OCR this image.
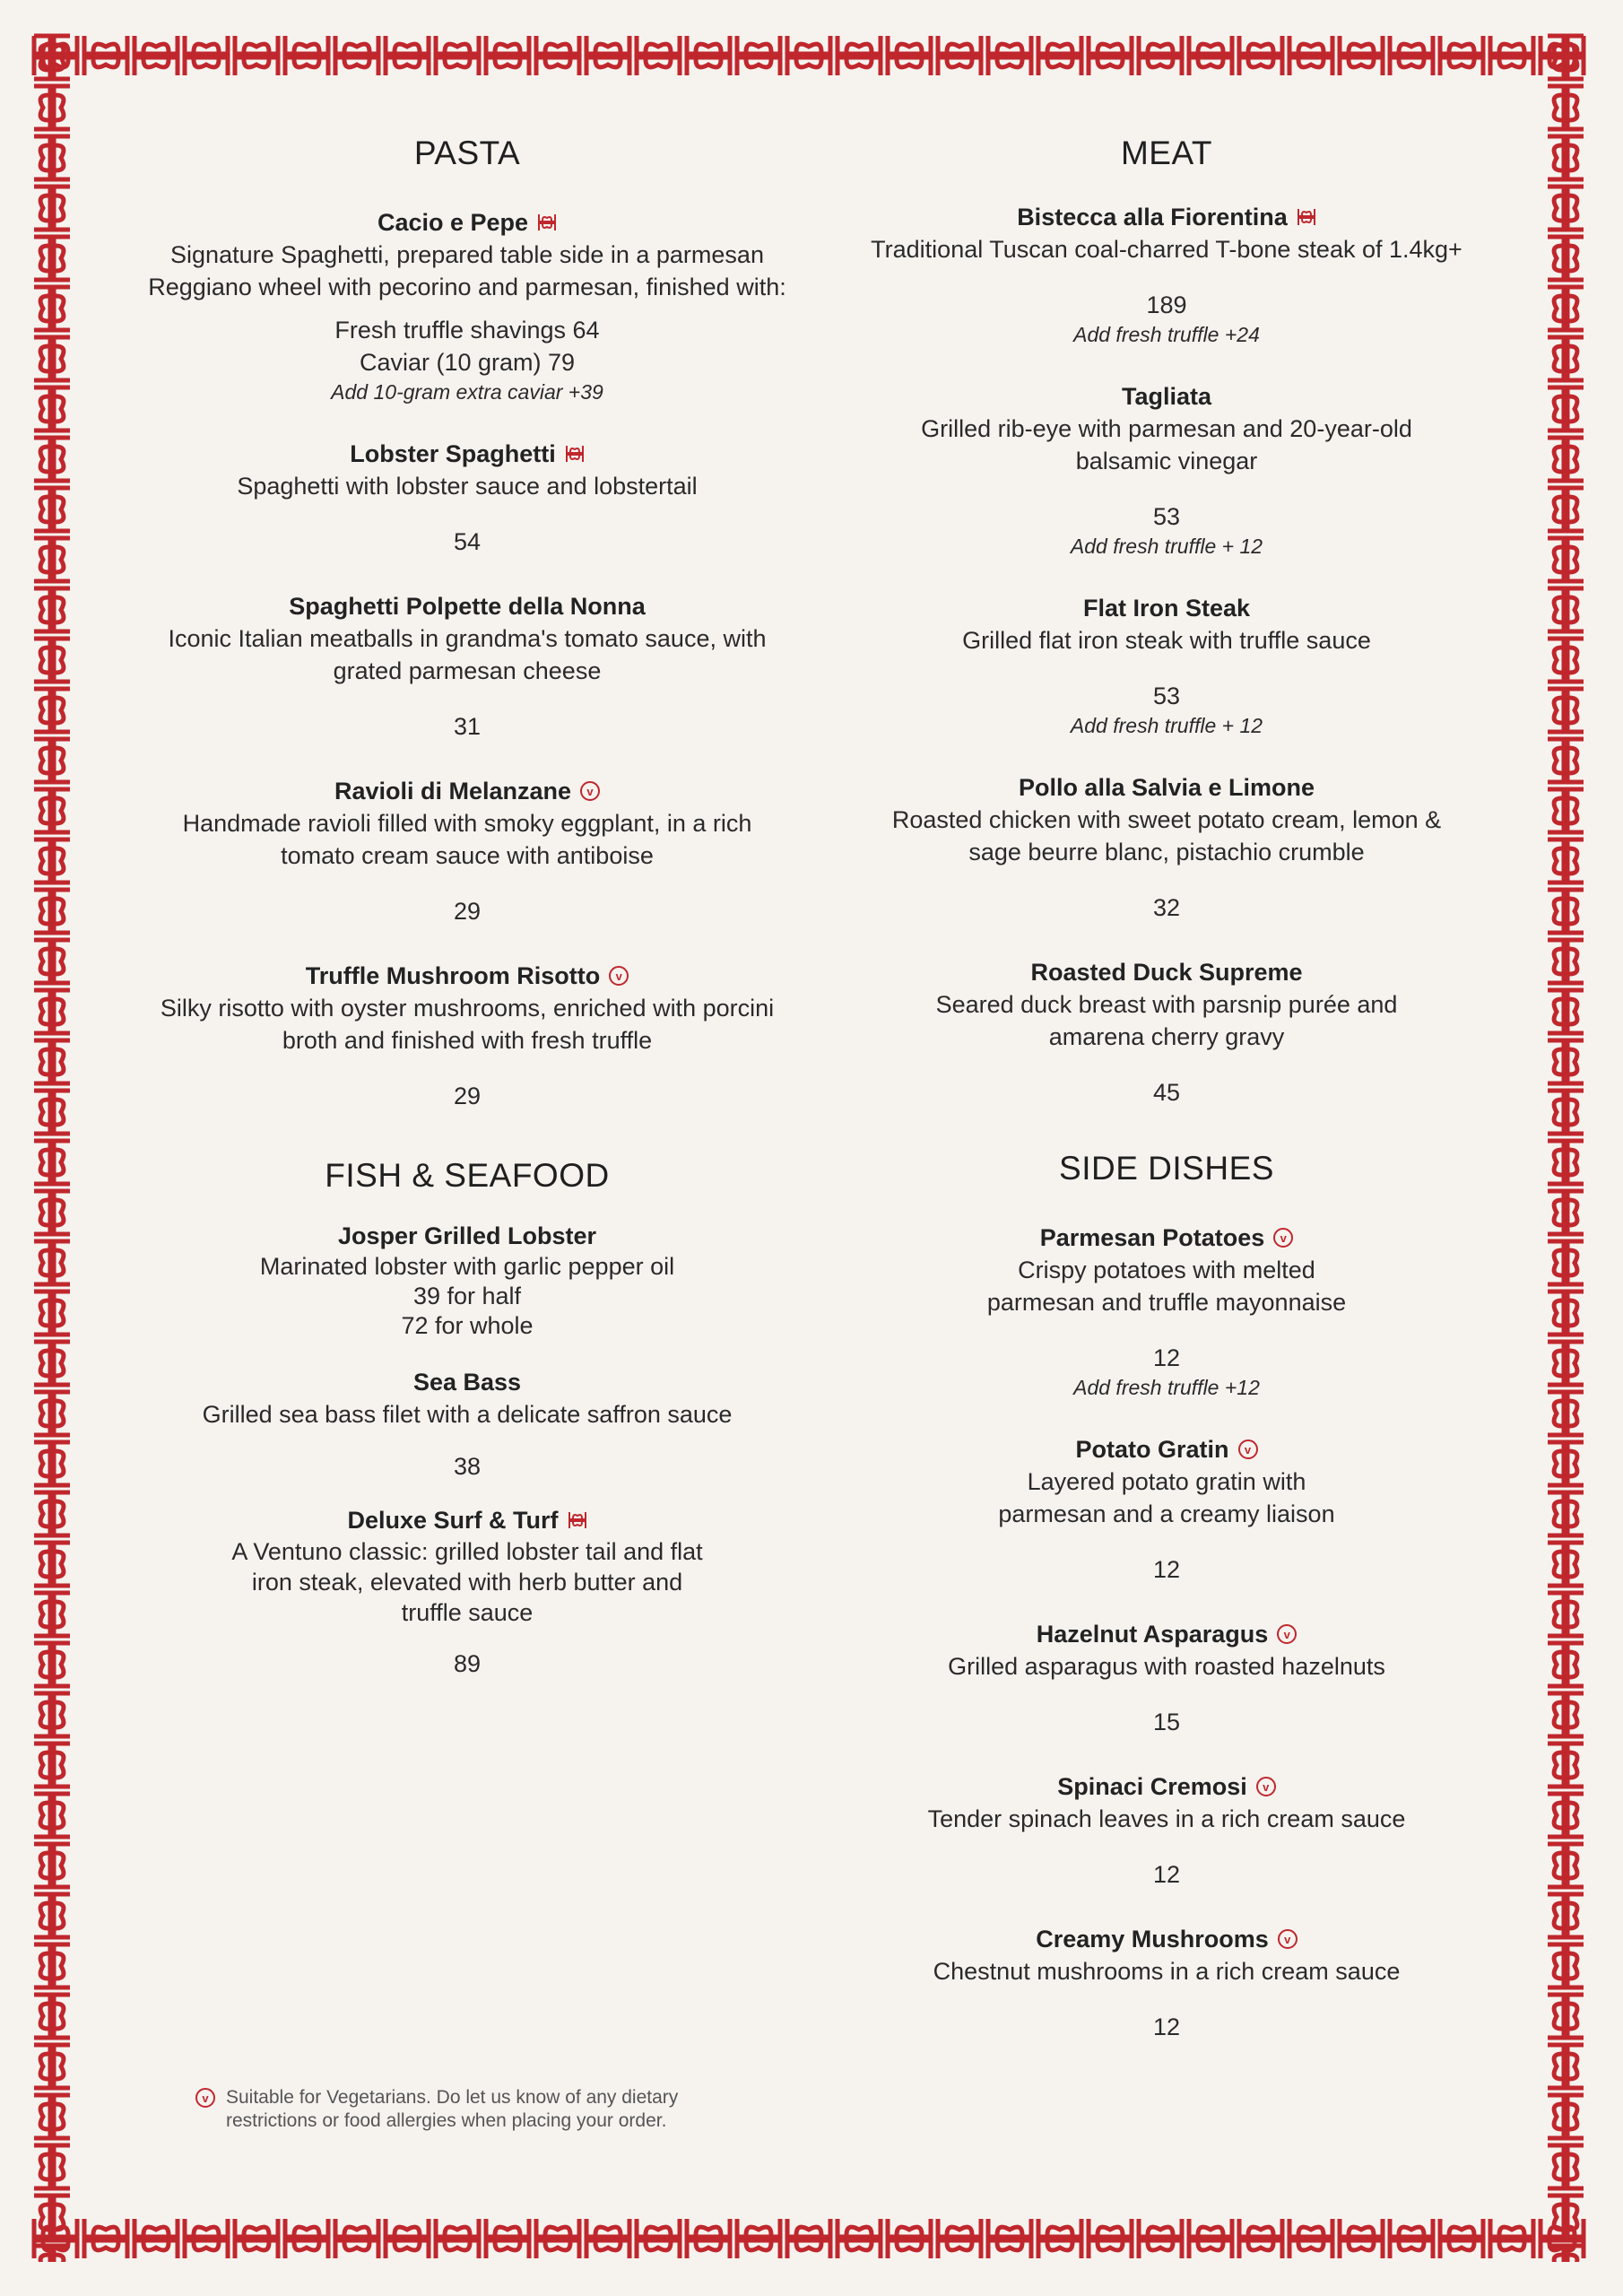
PASTA
Cacio e Pepe
Signature Spaghetti, prepared table side in a parmesan Reggiano wheel with pecorino and parmesan, finished with:
Fresh truffle shavings 64
Caviar (10 gram) 79
Add 10-gram extra caviar +39
Lobster Spaghetti
Spaghetti with lobster sauce and lobstertail
54
Spaghetti Polpette della Nonna
Iconic Italian meatballs in grandma's tomato sauce, with grated parmesan cheese
31
Ravioli di Melanzane	v
Handmade ravioli filled with smoky eggplant, in a rich tomato cream sauce with antiboise
29
Truffle Mushroom Risotto	v
Silky risotto with oyster mushrooms, enriched with porcini broth and finished with fresh truffle
29
FISH & SEAFOOD
Josper Grilled Lobster
Marinated lobster with garlic pepper oil
39 for half
72 for whole
Sea Bass
Grilled sea bass filet with a delicate saffron sauce
38
Deluxe Surf & Turf
A Ventuno classic: grilled lobster tail and flat iron steak, elevated with herb butter and truffle sauce
89
v Suitable for Vegetarians. Do let us know of any dietary restrictions or food allergies when placing your order.
MEAT
Bistecca alla Fiorentina
Traditional Tuscan coal-charred T-bone steak of 1.4kg+
189
Add fresh truffle +24
Tagliata
Grilled rib-eye with parmesan and 20-year-old balsamic vinegar
53
Add fresh truffle + 12
Flat Iron Steak
Grilled flat iron steak with truffle sauce
53
Add fresh truffle + 12
Pollo alla Salvia e Limone
Roasted chicken with sweet potato cream, lemon & sage beurre blanc, pistachio crumble
32
Roasted Duck Supreme
Seared duck breast with parsnip purée and amarena cherry gravy
45
SIDE DISHES
Parmesan Potatoes	v
Crispy potatoes with melted parmesan and truffle mayonnaise
12
Add fresh truffle +12
Potato Gratin	v
Layered potato gratin with parmesan and a creamy liaison
12
Hazelnut Asparagus	v
Grilled asparagus with roasted hazelnuts
15
Spinaci Cremosi	v
Tender spinach leaves in a rich cream sauce
12
Creamy Mushrooms	v
Chestnut mushrooms in a rich cream sauce
12
